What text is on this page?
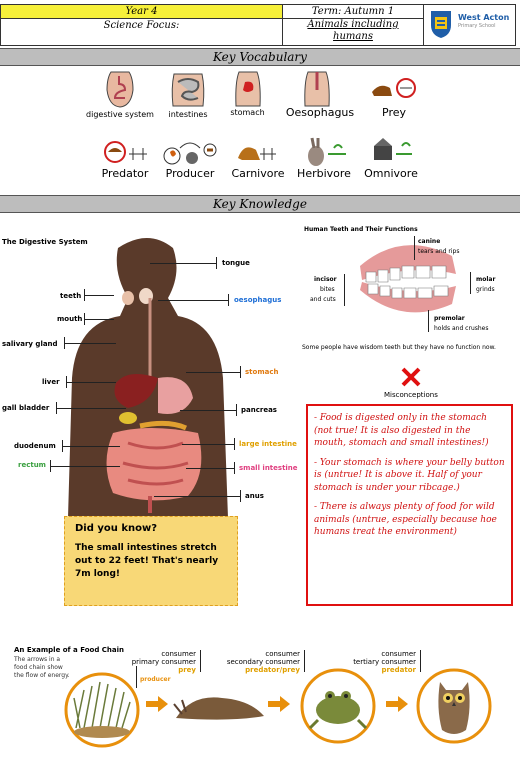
Year 4
Science Focus:
Term: Autumn 1
Animals including humans
West Acton
Primary School
Key Vocabulary
digestive system	intestines	stomach	Oesophagus	Prey
Predator	Producer	Carnivore	Herbivore	Omnivore
Key Knowledge
The Digestive System
Did you know?
The small intestines stretch out to 22 feet! That's nearly 7m long!
tongue
teeth	oesophagus
mouth
salivary gland
liver
stomach
gall bladder	pancreas
large intestine
duodenum
small intestine
rectum
anus
Human Teeth and Their Functions
canine
tears and rips
incisor
bites
and cuts
molar
grinds
premolar
holds and crushes
Some people have wisdom teeth but they have no function now.
Misconceptions
- Food is digested only in the stomach (not true! It is also digested in the mouth, stomach and small intestines!)
- Your stomach is where your belly button is (untrue! It is above it. Half of your stomach is under your ribcage.)
- There is always plenty of food for wild animals (untrue, especially because hoe humans treat the environment)
An Example of a Food Chain
The arrows in a food chain show the flow of energy.
producer
consumer
primary consumer
prey
consumer
secondary consumer
predator/prey
consumer
tertiary consumer
predator
